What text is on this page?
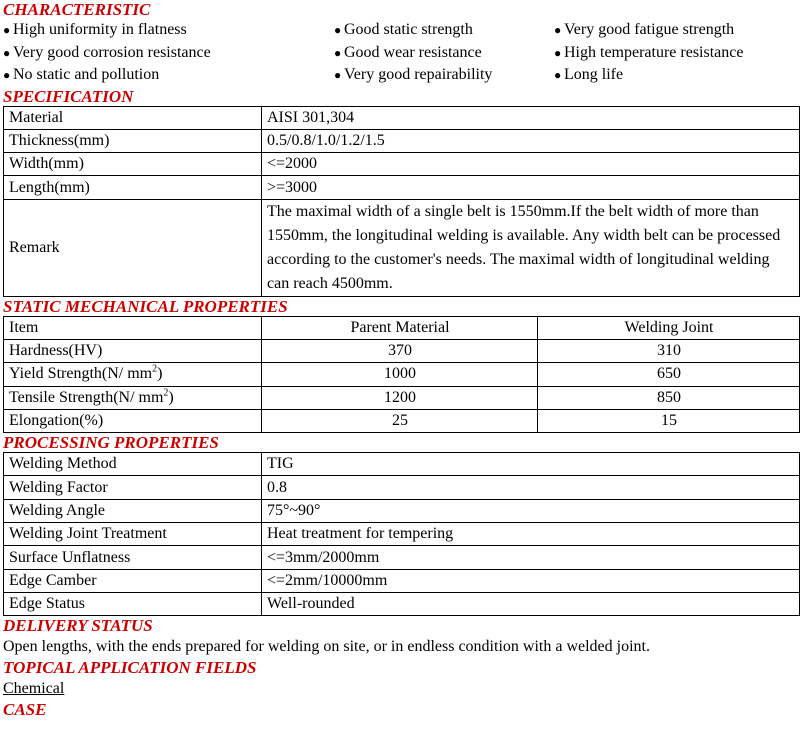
CHARACTERISTIC
● High uniformity in flatness	● Good static strength	● Very good fatigue strength
● Very good corrosion resistance	● Good wear resistance	● High temperature resistance
● No static and pollution	● Very good repairability	● Long life
SPECIFICATION
Material	AISI 301,304
Thickness(mm)	0.5/0.8/1.0/1.2/1.5
Width(mm)	<=2000
Length(mm)	>=3000
Remark	The maximal width of a single belt is 1550mm.If the belt width of more than 1550mm, the longitudinal welding is available. Any width belt can be processed according to the customer's needs. The maximal width of longitudinal welding can reach 4500mm.
STATIC MECHANICAL PROPERTIES
Item	Parent Material	Welding Joint
Hardness(HV)	370	310
Yield Strength(N/ $mm^2$)	1000	650
Tensile Strength(N/ $mm^2$)	1200	850
Elongation(%)	25	15
PROCESSING PROPERTIES
Welding Method	TIG
Welding Factor	0.8
Welding Angle	75°~90°
Welding Joint Treatment	Heat treatment for tempering
Surface Unflatness	<=3mm/2000mm
Edge Camber	<=2mm/10000mm
Edge Status	Well-rounded
DELIVERY STATUS
Open lengths, with the ends prepared for welding on site, or in endless condition with a welded joint.
TOPICAL APPLICATION FIELDS
Chemical
CASE
